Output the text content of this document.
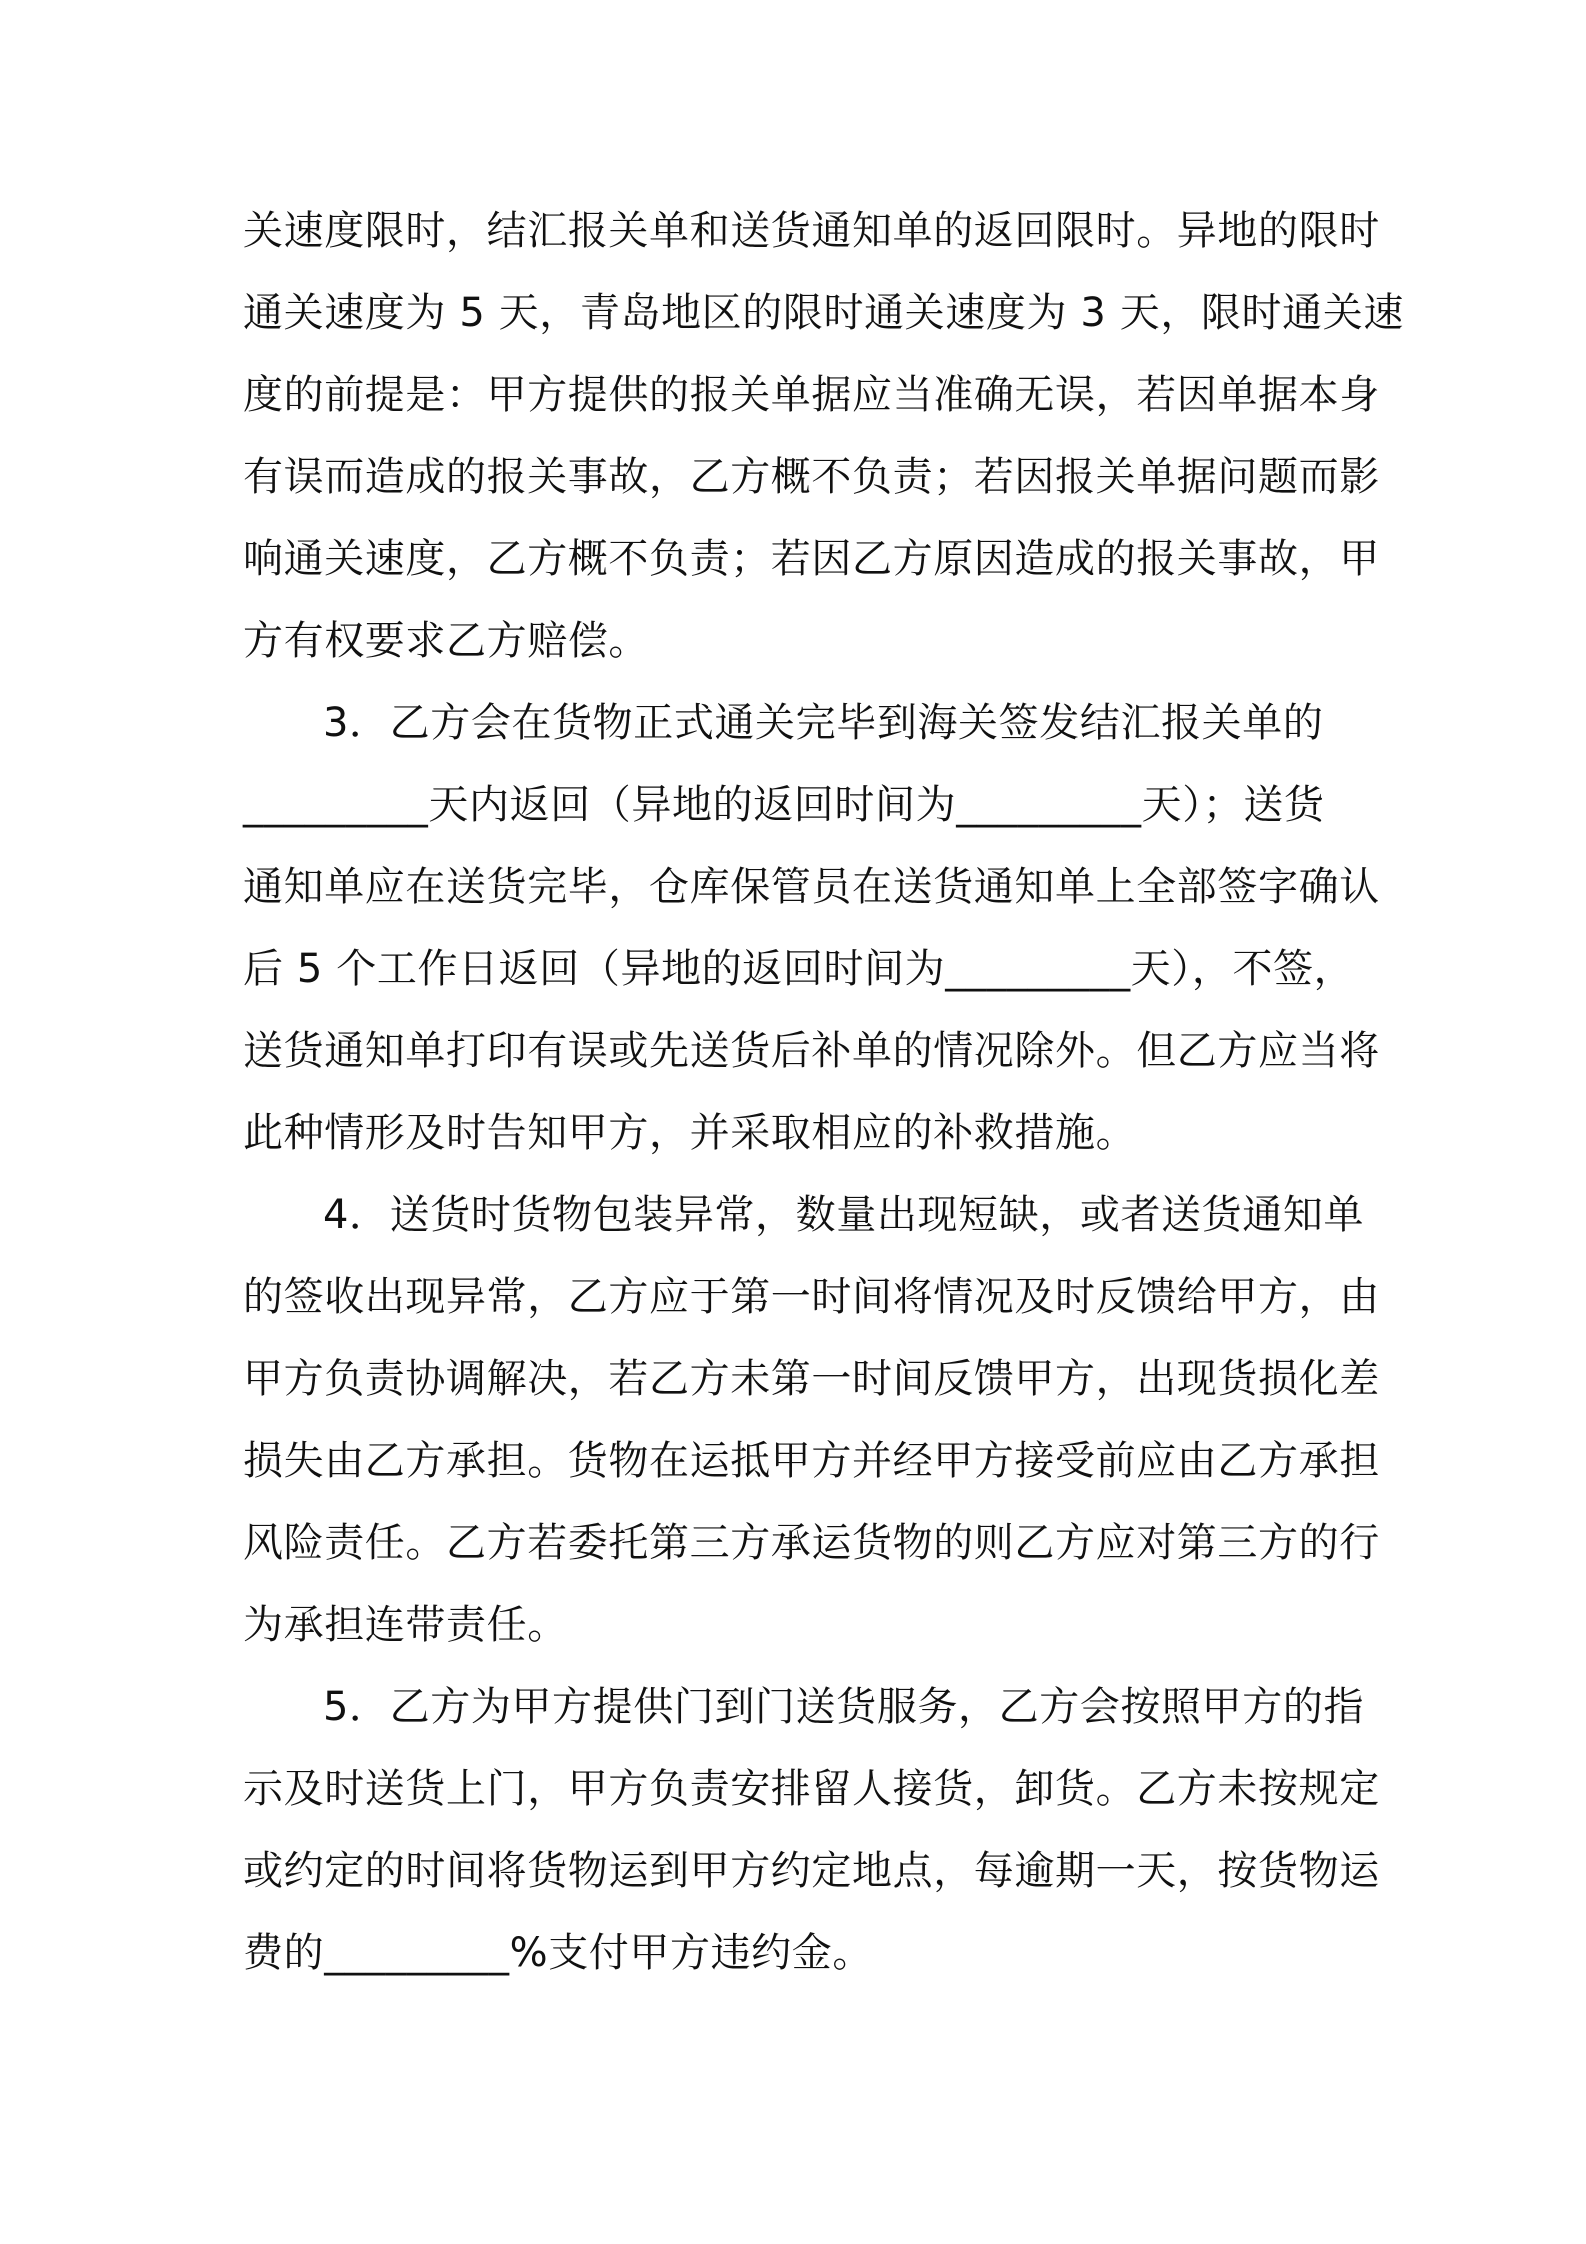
关速度限时，结汇报关单和送货通知单的返回限时。异地的限时
通关速度为 5 天，青岛地区的限时通关速度为 3 天，限时通关速
度的前提是：甲方提供的报关单据应当准确无误，若因单据本身
有误而造成的报关事故，乙方概不负责；若因报关单据问题而影
响通关速度，乙方概不负责；若因乙方原因造成的报关事故，甲
方有权要求乙方赔偿。
3．乙方会在货物正式通关完毕到海关签发结汇报关单的
_________天内返回（异地的返回时间为_________天）；送货
通知单应在送货完毕，仓库保管员在送货通知单上全部签字确认
后 5 个工作日返回（异地的返回时间为_________天），不签，
送货通知单打印有误或先送货后补单的情况除外。但乙方应当将
此种情形及时告知甲方，并采取相应的补救措施。
4．送货时货物包装异常，数量出现短缺，或者送货通知单
的签收出现异常，乙方应于第一时间将情况及时反馈给甲方，由
甲方负责协调解决，若乙方未第一时间反馈甲方，出现货损化差
损失由乙方承担。货物在运抵甲方并经甲方接受前应由乙方承担
风险责任。乙方若委托第三方承运货物的则乙方应对第三方的行
为承担连带责任。
5．乙方为甲方提供门到门送货服务，乙方会按照甲方的指
示及时送货上门，甲方负责安排留人接货，卸货。乙方未按规定
或约定的时间将货物运到甲方约定地点，每逾期一天，按货物运
费的_________%支付甲方违约金。
